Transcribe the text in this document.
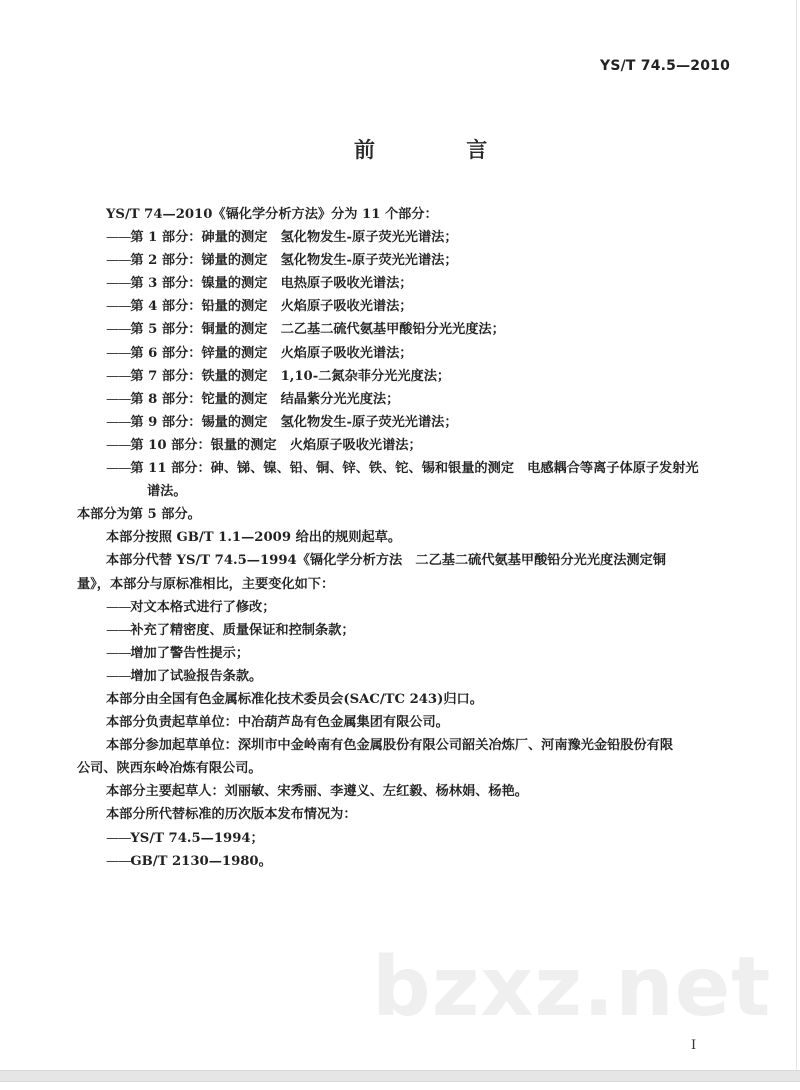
YS/T 74.5—2010
前 言
YS/T 74—2010《镉化学分析方法》分为 11 个部分：
——第 1 部分：砷量的测定　氢化物发生-原子荧光光谱法；
——第 2 部分：锑量的测定　氢化物发生-原子荧光光谱法；
——第 3 部分：镍量的测定　电热原子吸收光谱法；
——第 4 部分：铅量的测定　火焰原子吸收光谱法；
——第 5 部分：铜量的测定　二乙基二硫代氨基甲酸铅分光光度法；
——第 6 部分：锌量的测定　火焰原子吸收光谱法；
——第 7 部分：铁量的测定　1,10-二氮杂菲分光光度法；
——第 8 部分：铊量的测定　结晶紫分光光度法；
——第 9 部分：锡量的测定　氢化物发生-原子荧光光谱法；
——第 10 部分：银量的测定　火焰原子吸收光谱法；
——第 11 部分：砷、锑、镍、铅、铜、锌、铁、铊、锡和银量的测定　电感耦合等离子体原子发射光
谱法。
本部分为第 5 部分。
本部分按照 GB/T 1.1—2009 给出的规则起草。
本部分代替 YS/T 74.5—1994《镉化学分析方法　二乙基二硫代氨基甲酸铅分光光度法测定铜
量》，本部分与原标准相比，主要变化如下：
——对文本格式进行了修改；
——补充了精密度、质量保证和控制条款；
——增加了警告性提示；
——增加了试验报告条款。
本部分由全国有色金属标准化技术委员会(SAC/TC 243)归口。
本部分负责起草单位：中冶葫芦岛有色金属集团有限公司。
本部分参加起草单位：深圳市中金岭南有色金属股份有限公司韶关冶炼厂、河南豫光金铅股份有限
公司、陕西东岭冶炼有限公司。
本部分主要起草人：刘丽敏、宋秀丽、李遵义、左红毅、杨林娟、杨艳。
本部分所代替标准的历次版本发布情况为：
——YS/T 74.5—1994；
——GB/T 2130—1980。
bzxz.net
I
